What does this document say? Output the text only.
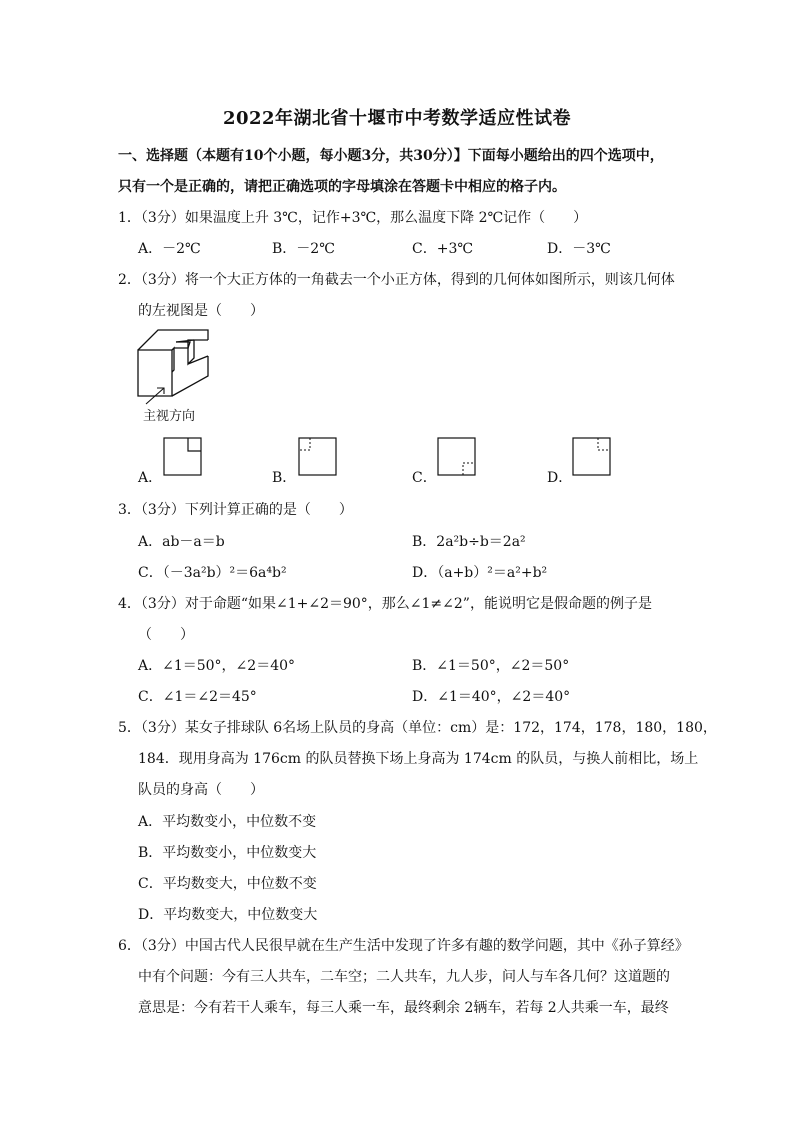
2022年湖北省十堰市中考数学适应性试卷
一、选择题（本题有10个小题，每小题3分，共30分）】下面每小题给出的四个选项中，
只有一个是正确的，请把正确选项的字母填涂在答题卡中相应的格子内。
1．（3分）如果温度上升 3℃，记作+3℃，那么温度下降 2℃记作（　　）
A．－2℃	B．－2℃	C．+3℃	D．－3℃
2．（3分）将一个大正方体的一角截去一个小正方体，得到的几何体如图所示，则该几何体
的左视图是（　　）
主视方向
A．	B．	C．	D．
3．（3分）下列计算正确的是（　　）
A．ab－a＝b	B．2a²b÷b＝2a²
C．（－3a²b）²＝6a⁴b²	D．（a+b）²＝a²+b²
4．（3分）对于命题“如果∠1+∠2＝90°，那么∠1≠∠2”，能说明它是假命题的例子是
（　　）
A．∠1＝50°，∠2＝40°	B．∠1＝50°，∠2＝50°
C．∠1＝∠2＝45°	D．∠1＝40°，∠2＝40°
5．（3分）某女子排球队 6名场上队员的身高（单位：cm）是：172，174，178，180，180，
184．现用身高为 176cm 的队员替换下场上身高为 174cm 的队员，与换人前相比，场上
队员的身高（　　）
A．平均数变小，中位数不变
B．平均数变小，中位数变大
C．平均数变大，中位数不变
D．平均数变大，中位数变大
6．（3分）中国古代人民很早就在生产生活中发现了许多有趣的数学问题，其中《孙子算经》
中有个问题：今有三人共车，二车空；二人共车，九人步，问人与车各几何？这道题的
意思是：今有若干人乘车，每三人乘一车，最终剩余 2辆车，若每 2人共乘一车，最终
